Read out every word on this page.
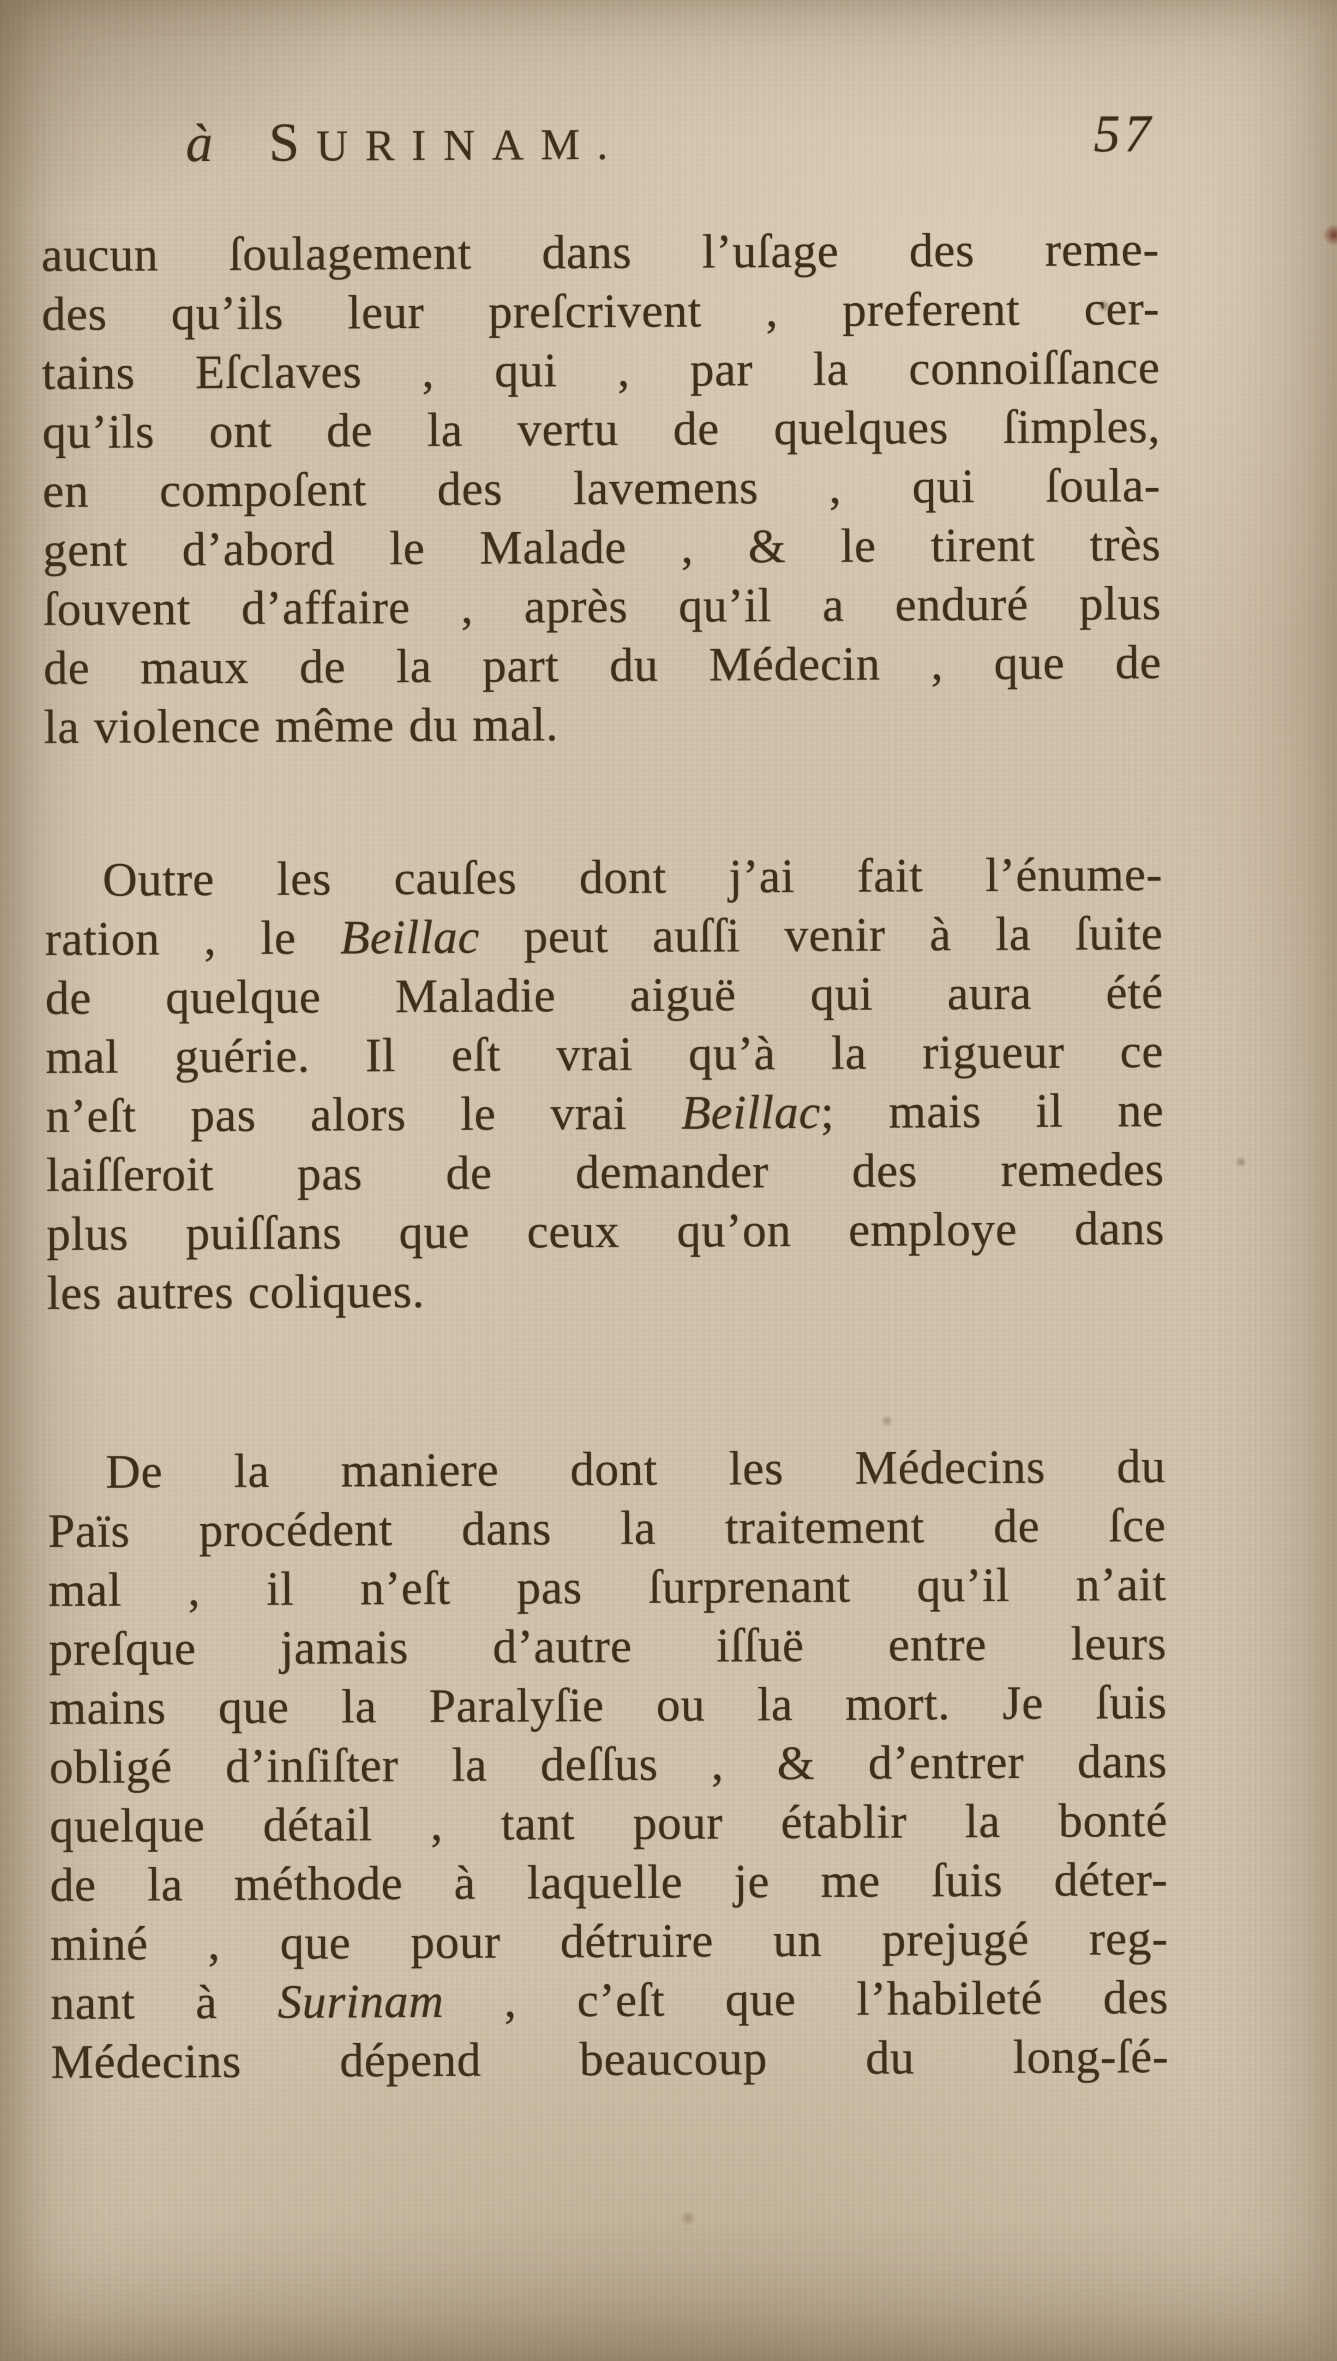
à SURINAM.	57
aucun ſoulagement dans l’uſage des reme-
des qu’ils leur preſcrivent , preferent cer-
tains Eſclaves , qui , par la connoiſſance
qu’ils ont de la vertu de quelques ſimples,
en compoſent des lavemens , qui ſoula-
gent d’abord le Malade , & le tirent très
ſouvent d’affaire , après qu’il a enduré plus
de maux de la part du Médecin , que de
la violence même du mal.
Outre les cauſes dont j’ai fait l’énume-
ration , le Beillac peut auſſi venir à la ſuite
de quelque Maladie aiguë qui aura été
mal guérie. Il eſt vrai qu’à la rigueur ce
n’eſt pas alors le vrai Beillac; mais il ne
laiſſeroit pas de demander des remedes
plus puiſſans que ceux qu’on employe dans
les autres coliques.
De la maniere dont les Médecins du
Païs procédent dans la traitement de ſce
mal , il n’eſt pas ſurprenant qu’il n’ait
preſque jamais d’autre iſſuë entre leurs
mains que la Paralyſie ou la mort. Je ſuis
obligé d’inſiſter la deſſus , & d’entrer dans
quelque détail , tant pour établir la bonté
de la méthode à laquelle je me ſuis déter-
miné , que pour détruire un prejugé reg-
nant à Surinam , c’eſt que l’habileté des
Médecins dépend beaucoup du long-ſé-
